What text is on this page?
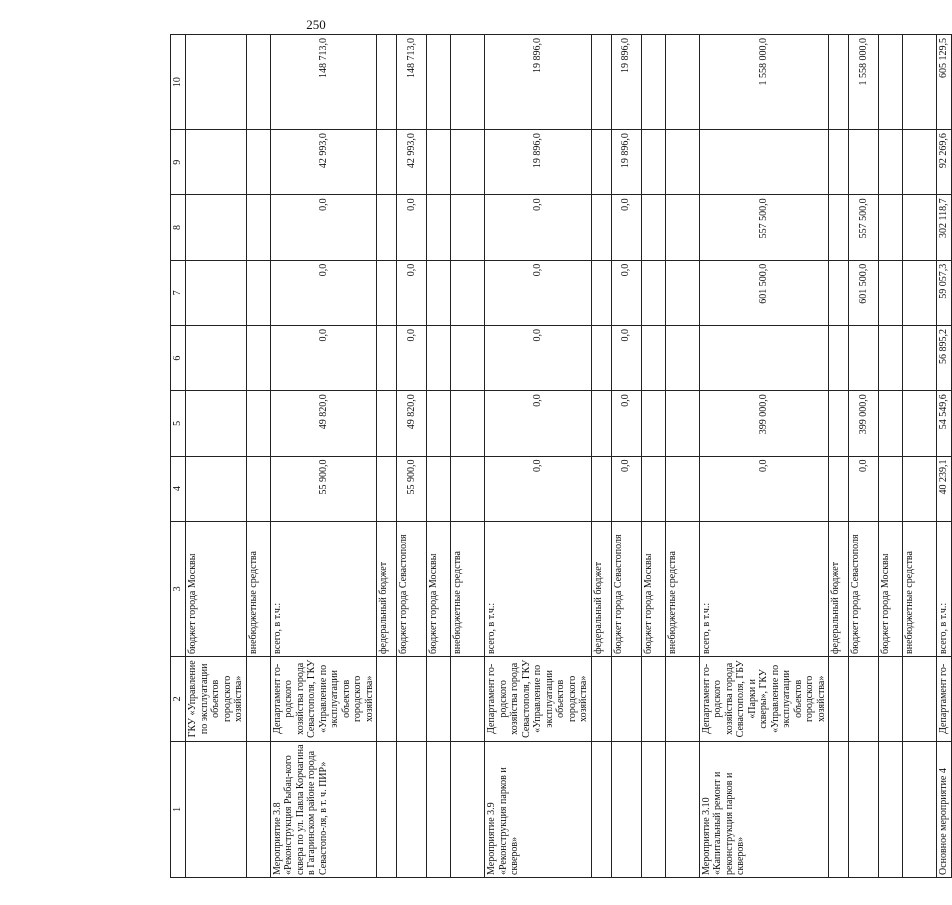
250
1	2	3	4	5	6	7	8	9	10
	ГКУ «Управление по эксплуатации объектов городского хозяйства»	бюджет города Москвы							
		внебюджетные средства							
Мероприятие 3.8 «Реконструкция Рыбац-кого сквера по ул. Павла Корчагина в Гагаринском районе города Севастопо-ля, в т. ч. ПИР»	Департамент го-родского хозяйства города Севастополя, ГКУ «Управление по эксплуатации объектов городского хозяйства»	всего, в т.ч.:	55 900,0	49 820,0	0,0	0,0	0,0	42 993,0	148 713,0
		федеральный бюджет							
		бюджет города Севастополя	55 900,0	49 820,0	0,0	0,0	0,0	42 993,0	148 713,0
		бюджет города Москвы							
		внебюджетные средства							
Мероприятие 3.9 «Реконструкция парков и скверов»	Департамент го-родского хозяйства города Севастополя, ГКУ «Управление по эксплуатации объектов городского хозяйства»	всего, в т.ч.:	0,0	0,0	0,0	0,0	0,0	19 896,0	19 896,0
		федеральный бюджет							
		бюджет города Севастополя	0,0	0,0	0,0	0,0	0,0	19 896,0	19 896,0
		бюджет города Москвы							
		внебюджетные средства							
Мероприятие 3.10 «Капитальный ремонт и реконструкция парков и скверов»	Департамент го-родского хозяйства города Севастополя, ГБУ «Парки и скверы», ГКУ «Управление по эксплуатации объектов городского хозяйства»	всего, в т.ч.:	0,0	399 000,0		601 500,0	557 500,0		1 558 000,0
		федеральный бюджет							
		бюджет города Севастополя	0,0	399 000,0		601 500,0	557 500,0		1 558 000,0
		бюджет города Москвы							
		внебюджетные средства							
Основное мероприятие 4	Департамент го-	всего, в т.ч.:	40 239,1	54 549,6	56 895,2	59 057,3	302 118,7	92 269,6	605 129,5
